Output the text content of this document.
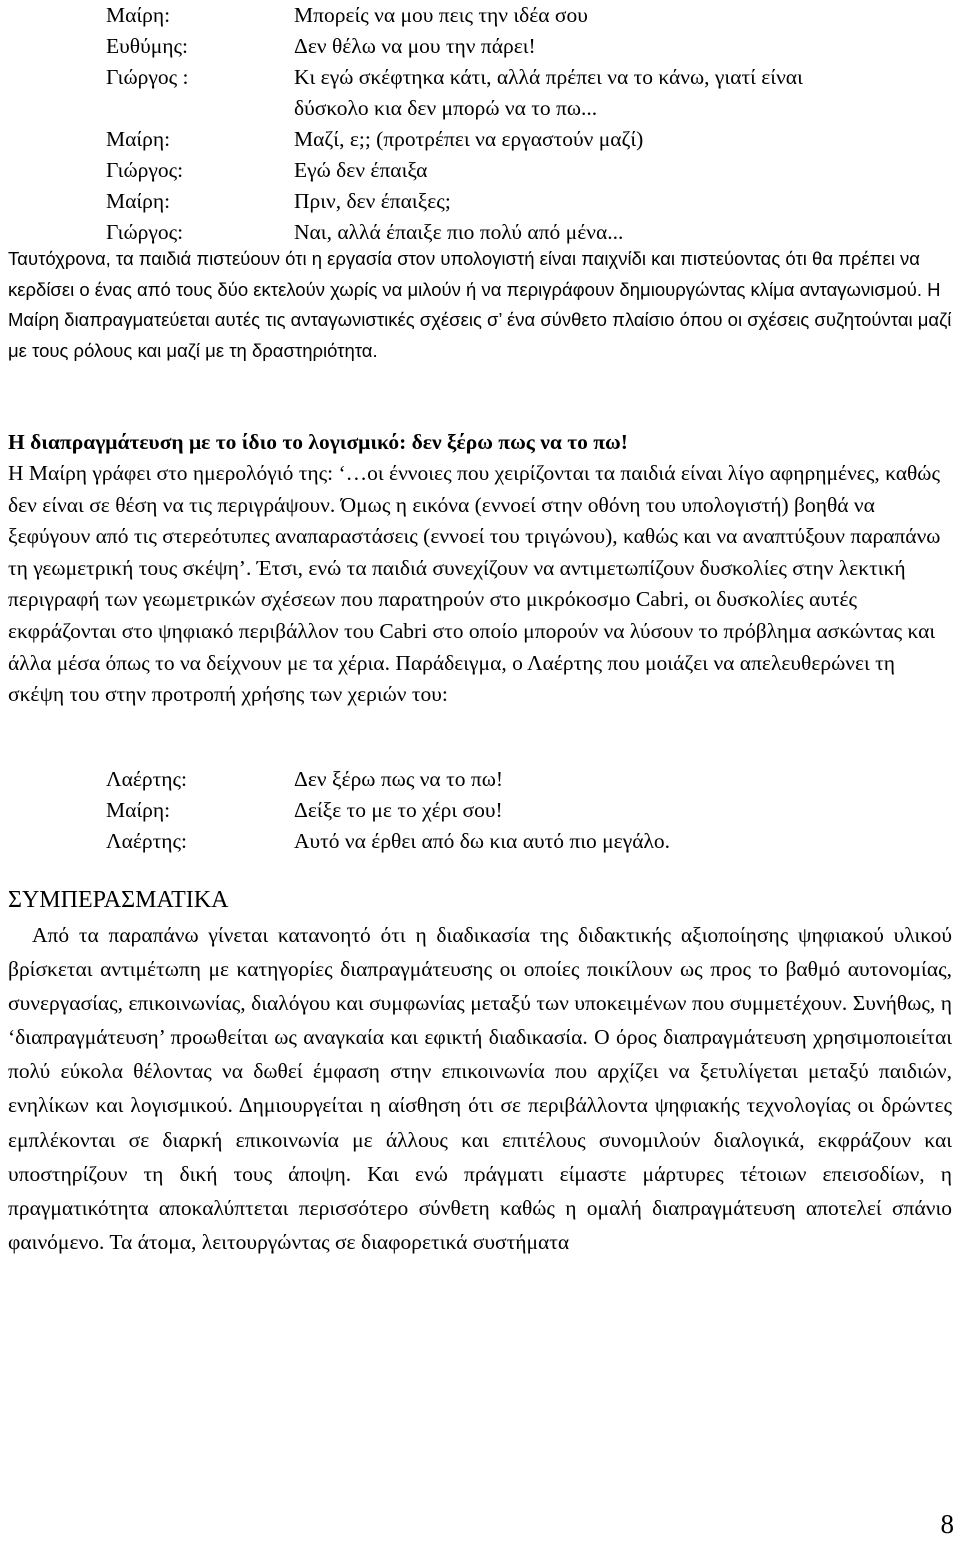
Μαίρη:	Μπορείς να μου πεις την ιδέα σου
Ευθύμης:	Δεν θέλω να μου την πάρει!
Γιώργος :	Κι εγώ σκέφτηκα κάτι, αλλά πρέπει να το κάνω, γιατί είναι
δύσκολο κια δεν μπορώ να το πω...
Μαίρη:	Μαζί, ε;; (προτρέπει να εργαστούν μαζί)
Γιώργος:	Εγώ δεν έπαιξα
Μαίρη:	Πριν, δεν έπαιξες;
Γιώργος:	Ναι, αλλά έπαιξε πιο πολύ από μένα...

Ταυτόχρονα, τα παιδιά πιστεύουν ότι η εργασία στον υπολογιστή είναι παιχνίδι και πιστεύοντας ότι θα πρέπει να κερδίσει ο ένας από τους δύο εκτελούν χωρίς να μιλούν ή να περιγράφουν δημιουργώντας κλίμα ανταγωνισμού. Η Μαίρη διαπραγματεύεται αυτές τις ανταγωνιστικές σχέσεις σ’ ένα σύνθετο πλαίσιο όπου οι σχέσεις συζητούνται μαζί με τους ρόλους και μαζί με τη δραστηριότητα.

Η διαπραγμάτευση με το ίδιο το λογισμικό: δεν ξέρω πως να το πω!

Η Μαίρη γράφει στο ημερολόγιό της: ‘…οι έννοιες που χειρίζονται τα παιδιά είναι λίγο αφηρημένες, καθώς δεν είναι σε θέση να τις περιγράψουν. Όμως η εικόνα (εννοεί στην οθόνη του υπολογιστή) βοηθά να ξεφύγουν από τις στερεότυπες αναπαραστάσεις (εννοεί του τριγώνου), καθώς και να αναπτύξουν παραπάνω τη γεωμετρική τους σκέψη’. Έτσι, ενώ τα παιδιά συνεχίζουν να αντιμετωπίζουν δυσκολίες στην λεκτική περιγραφή των γεωμετρικών σχέσεων που παρατηρούν στο μικρόκοσμο Cabri, οι δυσκολίες αυτές εκφράζονται στο ψηφιακό περιβάλλον του Cabri στο οποίο μπορούν να λύσουν το πρόβλημα ασκώντας και άλλα μέσα όπως το να δείχνουν με τα χέρια. Παράδειγμα, ο Λαέρτης που μοιάζει να απελευθερώνει τη σκέψη του στην προτροπή χρήσης των χεριών του:

Λαέρτης:	Δεν ξέρω πως να το πω!
Μαίρη:	Δείξε το με το χέρι σου!
Λαέρτης:	Αυτό να έρθει από δω κια αυτό πιο μεγάλο.
ΣΥΜΠΕΡΑΣΜΑΤΙΚΑ

Από τα παραπάνω γίνεται κατανοητό ότι η διαδικασία της διδακτικής αξιοποίησης ψηφιακού υλικού βρίσκεται αντιμέτωπη με κατηγορίες διαπραγμάτευσης οι οποίες ποικίλουν ως προς το βαθμό αυτονομίας, συνεργασίας, επικοινωνίας, διαλόγου και συμφωνίας μεταξύ των υποκειμένων που συμμετέχουν. Συνήθως, η ‘διαπραγμάτευση’ προωθείται ως αναγκαία και εφικτή διαδικασία. Ο όρος διαπραγμάτευση χρησιμοποιείται πολύ εύκολα θέλοντας να δωθεί έμφαση στην επικοινωνία που αρχίζει να ξετυλίγεται μεταξύ παιδιών, ενηλίκων και λογισμικού. Δημιουργείται η αίσθηση ότι σε περιβάλλοντα ψηφιακής τεχνολογίας οι δρώντες εμπλέκονται σε διαρκή επικοινωνία με άλλους και επιτέλους συνομιλούν διαλογικά, εκφράζουν και υποστηρίζουν τη δική τους άποψη. Και ενώ πράγματι είμαστε μάρτυρες τέτοιων επεισοδίων, η πραγματικότητα αποκαλύπτεται περισσότερο σύνθετη καθώς η ομαλή διαπραγμάτευση αποτελεί σπάνιο φαινόμενο. Τα άτομα, λειτουργώντας σε διαφορετικά συστήματα

8
